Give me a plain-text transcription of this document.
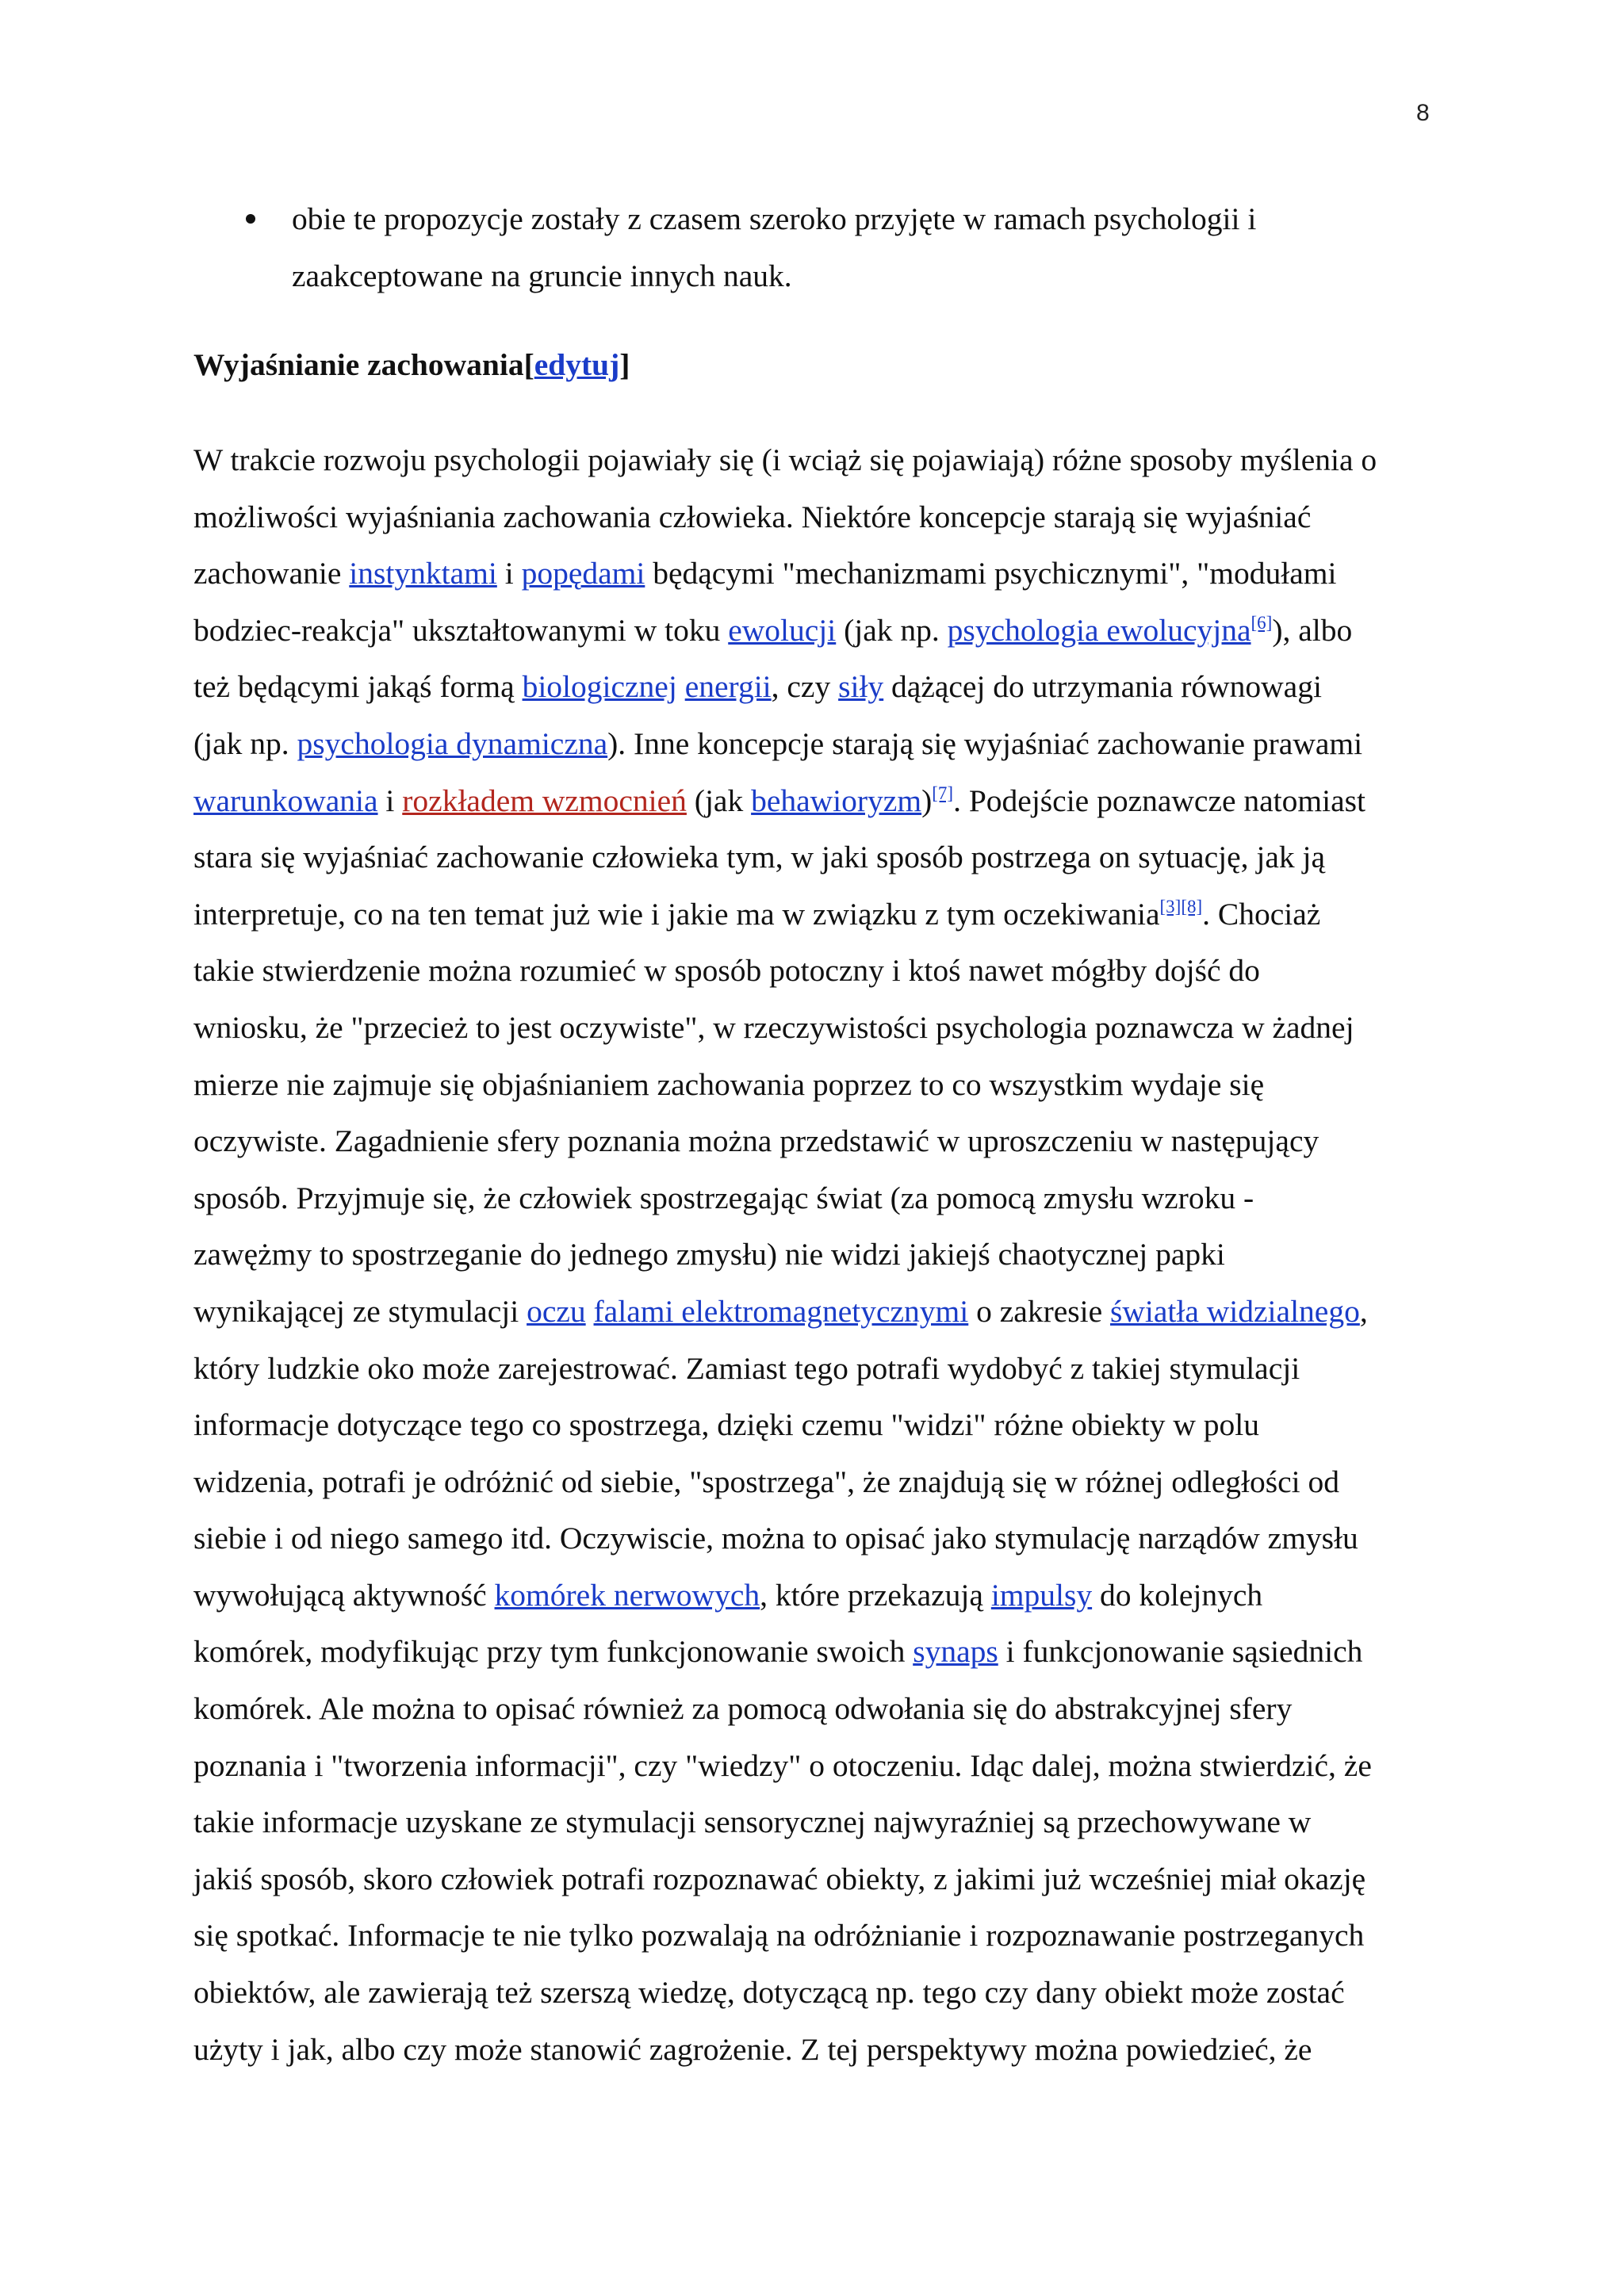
8
obie te propozycje zostały z czasem szeroko przyjęte w ramach psychologii i
zaakceptowane na gruncie innych nauk.
Wyjaśnianie zachowania[edytuj]
W trakcie rozwoju psychologii pojawiały się (i wciąż się pojawiają) różne sposoby myślenia o
możliwości wyjaśniania zachowania człowieka. Niektóre koncepcje starają się wyjaśniać
zachowanie instynktami i popędami będącymi "mechanizmami psychicznymi", "modułami
bodziec-reakcja" ukształtowanymi w toku ewolucji (jak np. psychologia ewolucyjna[6]), albo
też będącymi jakąś formą biologicznej energii, czy siły dążącej do utrzymania równowagi
(jak np. psychologia dynamiczna). Inne koncepcje starają się wyjaśniać zachowanie prawami
warunkowania i rozkładem wzmocnień (jak behawioryzm)[7]. Podejście poznawcze natomiast
stara się wyjaśniać zachowanie człowieka tym, w jaki sposób postrzega on sytuację, jak ją
interpretuje, co na ten temat już wie i jakie ma w związku z tym oczekiwania[3][8]. Chociaż
takie stwierdzenie można rozumieć w sposób potoczny i ktoś nawet mógłby dojść do
wniosku, że "przecież to jest oczywiste", w rzeczywistości psychologia poznawcza w żadnej
mierze nie zajmuje się objaśnianiem zachowania poprzez to co wszystkim wydaje się
oczywiste. Zagadnienie sfery poznania można przedstawić w uproszczeniu w następujący
sposób. Przyjmuje się, że człowiek spostrzegając świat (za pomocą zmysłu wzroku -
zawężmy to spostrzeganie do jednego zmysłu) nie widzi jakiejś chaotycznej papki
wynikającej ze stymulacji oczu falami elektromagnetycznymi o zakresie światła widzialnego,
który ludzkie oko może zarejestrować. Zamiast tego potrafi wydobyć z takiej stymulacji
informacje dotyczące tego co spostrzega, dzięki czemu "widzi" różne obiekty w polu
widzenia, potrafi je odróżnić od siebie, "spostrzega", że znajdują się w różnej odległości od
siebie i od niego samego itd. Oczywiscie, można to opisać jako stymulację narządów zmysłu
wywołującą aktywność komórek nerwowych, które przekazują impulsy do kolejnych
komórek, modyfikując przy tym funkcjonowanie swoich synaps i funkcjonowanie sąsiednich
komórek. Ale można to opisać również za pomocą odwołania się do abstrakcyjnej sfery
poznania i "tworzenia informacji", czy "wiedzy" o otoczeniu. Idąc dalej, można stwierdzić, że
takie informacje uzyskane ze stymulacji sensorycznej najwyraźniej są przechowywane w
jakiś sposób, skoro człowiek potrafi rozpoznawać obiekty, z jakimi już wcześniej miał okazję
się spotkać. Informacje te nie tylko pozwalają na odróżnianie i rozpoznawanie postrzeganych
obiektów, ale zawierają też szerszą wiedzę, dotyczącą np. tego czy dany obiekt może zostać
użyty i jak, albo czy może stanowić zagrożenie. Z tej perspektywy można powiedzieć, że
